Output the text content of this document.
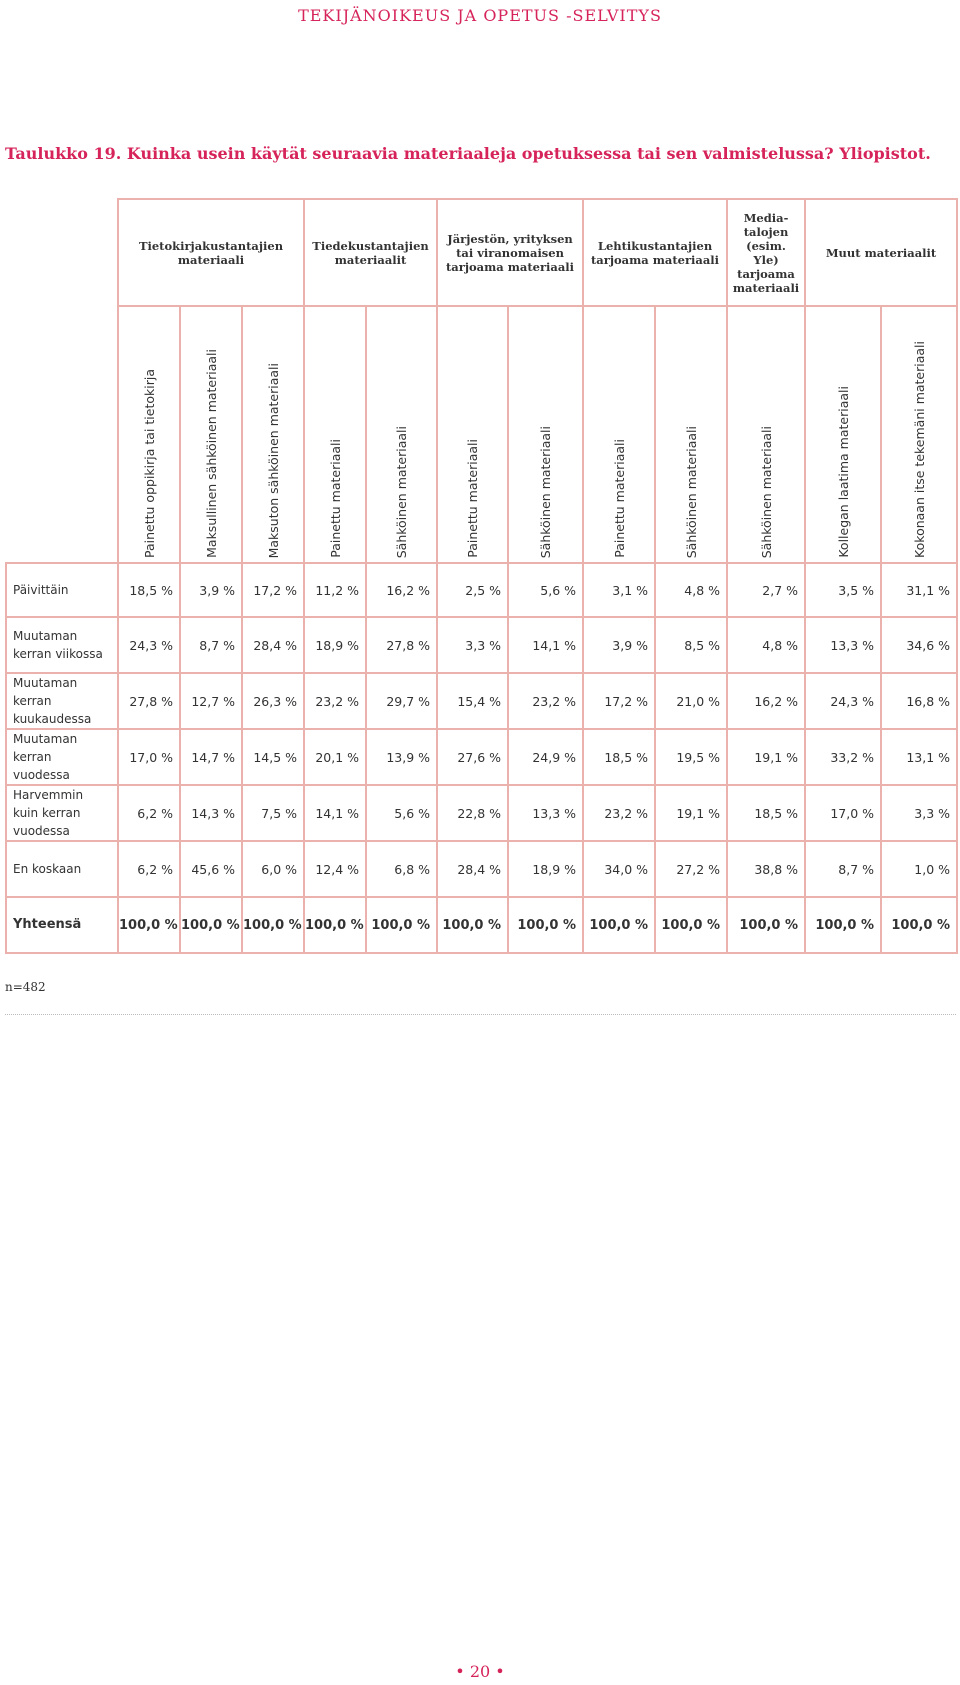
TEKIJÄNOIKEUS JA OPETUS -SELVITYS
Taulukko 19. Kuinka usein käytät seuraavia materiaaleja opetuksessa tai sen valmistelussa? Yliopistot.
	Tietokirjakustantajien materiaali			Tiedekustantajien materiaalit		Järjestön, yrityksen tai viranomaisen tarjoama materiaali		Lehtikustantajien tarjoama materiaali		Media-
talojen
(esim. Yle)
tarjoama
materiaali	Muut materiaalit	
	Painettu oppikirja tai tietokirja	Maksullinen sähköinen materiaali	Maksuton sähköinen materiaali	Painettu materiaali	Sähköinen materiaali	Painettu materiaali	Sähköinen materiaali	Painettu materiaali	Sähköinen materiaali	Sähköinen materiaali	Kollegan laatima materiaali	Kokonaan itse tekemäni materiaali
Päivittäin	18,5 %	3,9 %	17,2 %	11,2 %	16,2 %	2,5 %	5,6 %	3,1 %	4,8 %	2,7 %	3,5 %	31,1 %
Muutaman kerran viikossa	24,3 %	8,7 %	28,4 %	18,9 %	27,8 %	3,3 %	14,1 %	3,9 %	8,5 %	4,8 %	13,3 %	34,6 %
Muutaman kerran kuukaudessa	27,8 %	12,7 %	26,3 %	23,2 %	29,7 %	15,4 %	23,2 %	17,2 %	21,0 %	16,2 %	24,3 %	16,8 %
Muutaman kerran vuodessa	17,0 %	14,7 %	14,5 %	20,1 %	13,9 %	27,6 %	24,9 %	18,5 %	19,5 %	19,1 %	33,2 %	13,1 %
Harvemmin kuin kerran vuodessa	6,2 %	14,3 %	7,5 %	14,1 %	5,6 %	22,8 %	13,3 %	23,2 %	19,1 %	18,5 %	17,0 %	3,3 %
En koskaan	6,2 %	45,6 %	6,0 %	12,4 %	6,8 %	28,4 %	18,9 %	34,0 %	27,2 %	38,8 %	8,7 %	1,0 %
Yhteensä	100,0 %	100,0 %	100,0 %	100,0 %	100,0 %	100,0 %	100,0 %	100,0 %	100,0 %	100,0 %	100,0 %	100,0 %
n=482
• 20 •
